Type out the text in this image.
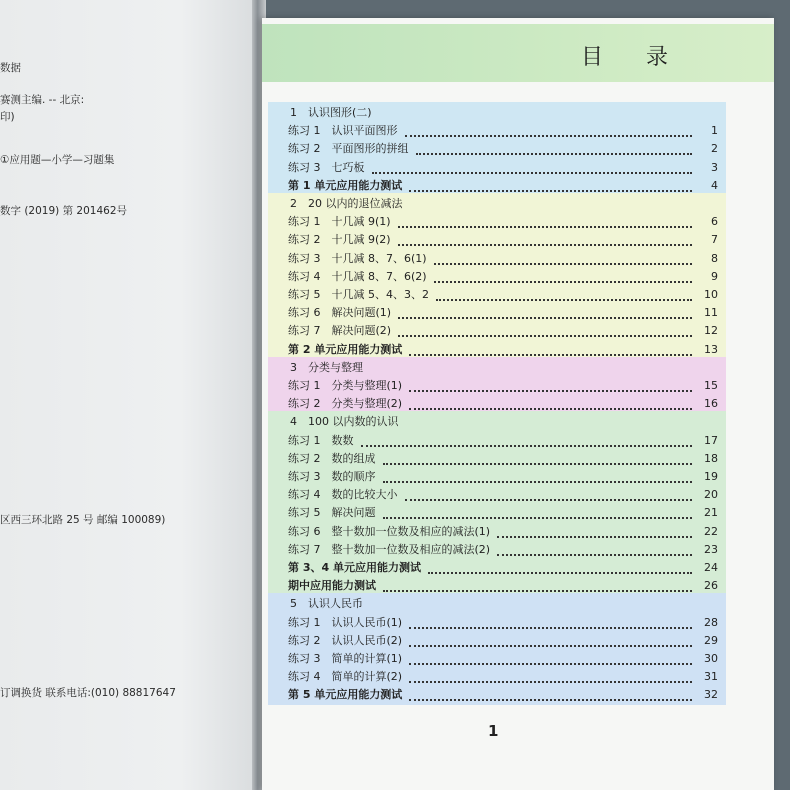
数据
赛测主编. -- 北京:
印)
①应用题—小学—习题集
数字 (2019) 第 201462号
区西三环北路 25 号 邮编 100089)
订调换货 联系电话:(010) 88817647
目 录
1　认识图形(二)
练习 1　认识平面图形	1
练习 2　平面图形的拼组	2
练习 3　七巧板	3
第 1 单元应用能力测试	4
2　20 以内的退位减法
练习 1　十几减 9(1)	6
练习 2　十几减 9(2)	7
练习 3　十几减 8、7、6(1)	8
练习 4　十几减 8、7、6(2)	9
练习 5　十几减 5、4、3、2	10
练习 6　解决问题(1)	11
练习 7　解决问题(2)	12
第 2 单元应用能力测试	13
3　分类与整理
练习 1　分类与整理(1)	15
练习 2　分类与整理(2)	16
4　100 以内数的认识
练习 1　数数	17
练习 2　数的组成	18
练习 3　数的顺序	19
练习 4　数的比较大小	20
练习 5　解决问题	21
练习 6　整十数加一位数及相应的减法(1)	22
练习 7　整十数加一位数及相应的减法(2)	23
第 3、4 单元应用能力测试	24
期中应用能力测试	26
5　认识人民币
练习 1　认识人民币(1)	28
练习 2　认识人民币(2)	29
练习 3　简单的计算(1)	30
练习 4　简单的计算(2)	31
第 5 单元应用能力测试	32
1
